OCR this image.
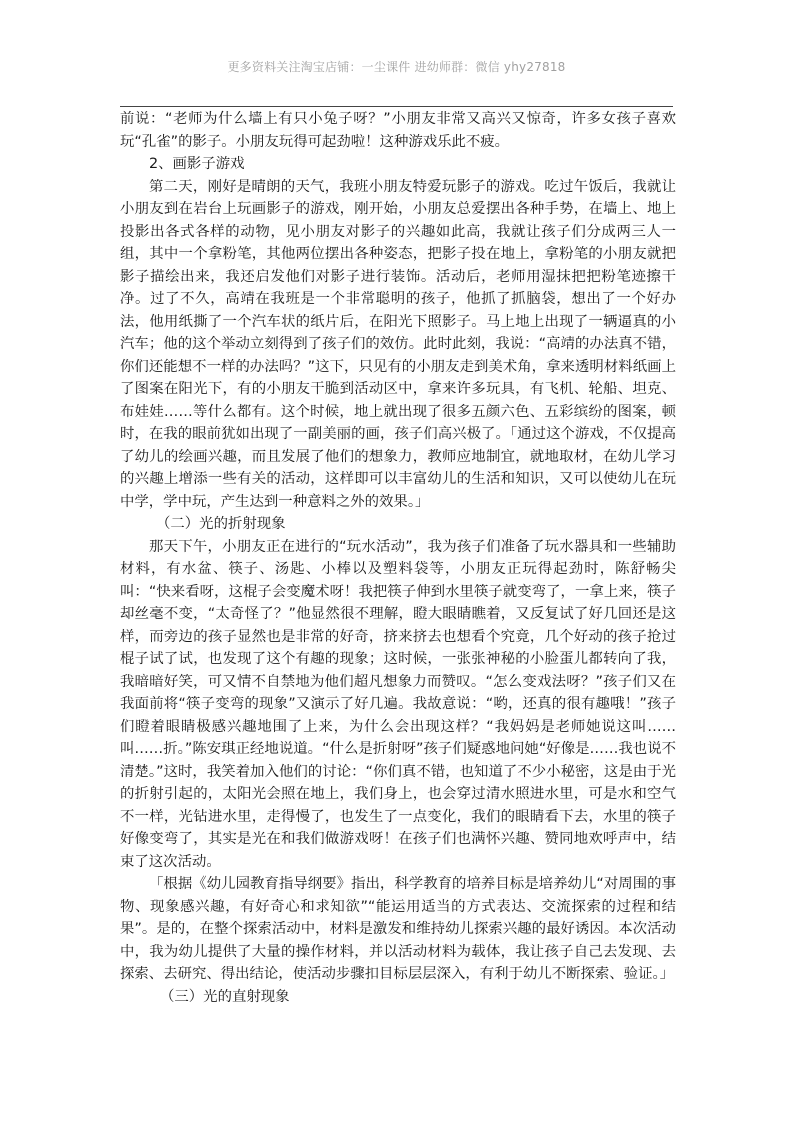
更多资料关注淘宝店铺：一尘课件 进幼师群：微信 yhy27818

前说：“老师为什么墙上有只小兔子呀？”小朋友非常又高兴又惊奇，许多女孩子喜欢玩“孔雀”的影子。小朋友玩得可起劲啦！这种游戏乐此不疲。

2、画影子游戏

第二天，刚好是晴朗的天气，我班小朋友特爱玩影子的游戏。吃过午饭后，我就让小朋友到在岩台上玩画影子的游戏，刚开始，小朋友总爱摆出各种手势，在墙上、地上投影出各式各样的动物，见小朋友对影子的兴趣如此高，我就让孩子们分成两三人一组，其中一个拿粉笔，其他两位摆出各种姿态，把影子投在地上，拿粉笔的小朋友就把影子描绘出来，我还启发他们对影子进行装饰。活动后，老师用湿抹把把粉笔迹擦干净。过了不久，高靖在我班是一个非常聪明的孩子，他抓了抓脑袋，想出了一个好办法，他用纸撕了一个汽车状的纸片后，在阳光下照影子。马上地上出现了一辆逼真的小汽车；他的这个举动立刻得到了孩子们的效仿。此时此刻，我说：“高靖的办法真不错，你们还能想不一样的办法吗？”这下，只见有的小朋友走到美术角，拿来透明材料纸画上了图案在阳光下，有的小朋友干脆到活动区中，拿来许多玩具，有飞机、轮船、坦克、布娃娃……等什么都有。这个时候，地上就出现了很多五颜六色、五彩缤纷的图案，顿时，在我的眼前犹如出现了一副美丽的画，孩子们高兴极了。「通过这个游戏，不仅提高了幼儿的绘画兴趣，而且发展了他们的想象力，教师应地制宜，就地取材，在幼儿学习的兴趣上增添一些有关的活动，这样即可以丰富幼儿的生活和知识，又可以使幼儿在玩中学，学中玩，产生达到一种意料之外的效果。」

（二）光的折射现象

那天下午，小朋友正在进行的“玩水活动”，我为孩子们准备了玩水器具和一些辅助材料，有水盆、筷子、汤匙、小棒以及塑料袋等，小朋友正玩得起劲时，陈舒畅尖叫：“快来看呀，这棍子会变魔术呀！我把筷子伸到水里筷子就变弯了，一拿上来，筷子却丝毫不变，“太奇怪了？”他显然很不理解，瞪大眼睛瞧着，又反复试了好几回还是这样，而旁边的孩子显然也是非常的好奇，挤来挤去也想看个究竟，几个好动的孩子抢过棍子试了试，也发现了这个有趣的现象；这时候，一张张神秘的小脸蛋儿都转向了我，我暗暗好笑，可又情不自禁地为他们超凡想象力而赞叹。“怎么变戏法呀？”孩子们又在我面前将“筷子变弯的现象”又演示了好几遍。我故意说：“哟，还真的很有趣哦！”孩子们瞪着眼睛极感兴趣地围了上来，为什么会出现这样？“我妈妈是老师她说这叫……叫……折。”陈安琪正经地说道。“什么是折射呀”孩子们疑惑地问她“好像是……我也说不清楚。”这时，我笑着加入他们的讨论：“你们真不错，也知道了不少小秘密，这是由于光的折射引起的，太阳光会照在地上，我们身上，也会穿过清水照进水里，可是水和空气不一样，光钻进水里，走得慢了，也发生了一点变化，我们的眼睛看下去，水里的筷子好像变弯了，其实是光在和我们做游戏呀！在孩子们也满怀兴趣、赞同地欢呼声中，结束了这次活动。

「根据《幼儿园教育指导纲要》指出，科学教育的培养目标是培养幼儿“对周围的事物、现象感兴趣，有好奇心和求知欲”“能运用适当的方式表达、交流探索的过程和结果”。是的，在整个探索活动中，材料是激发和维持幼儿探索兴趣的最好诱因。本次活动中，我为幼儿提供了大量的操作材料，并以活动材料为载体，我让孩子自己去发现、去探索、去研究、得出结论，使活动步骤扣目标层层深入，有利于幼儿不断探索、验证。」

（三）光的直射现象
